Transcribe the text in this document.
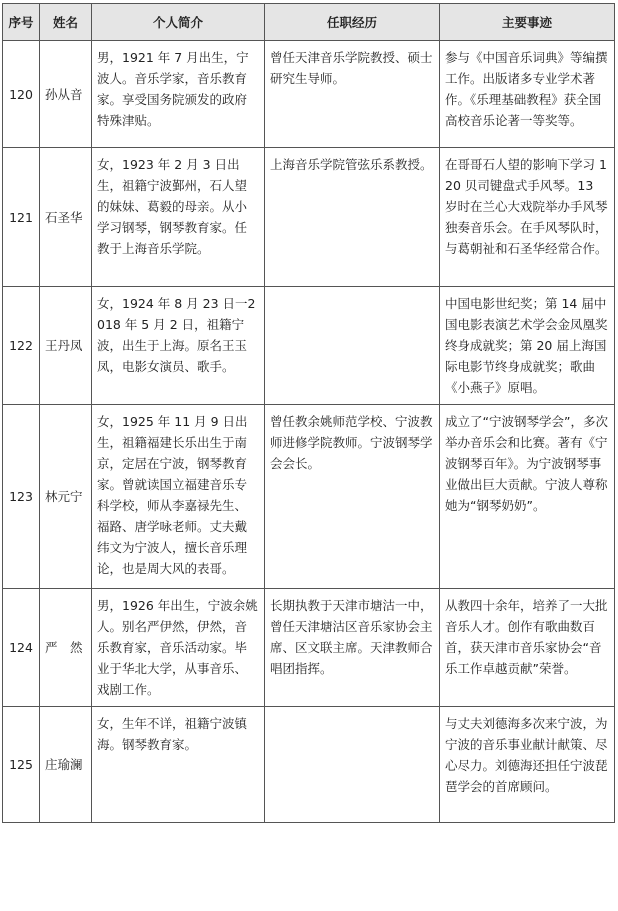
序号	姓名	个人简介	任职经历	主要事迹
120	孙从音	男，1921 年 7 月出生，宁波人。音乐学家，音乐教育家。享受国务院颁发的政府特殊津贴。	曾任天津音乐学院教授、硕士研究生导师。	参与《中国音乐词典》等编撰工作。出版诸多专业学术著作。《乐理基础教程》获全国高校音乐论著一等奖等。
121	石圣华	女，1923 年 2 月 3 日出生，祖籍宁波鄞州，石人望的妹妹、葛毅的母亲。从小学习钢琴，钢琴教育家。任教于上海音乐学院。	上海音乐学院管弦乐系教授。	在哥哥石人望的影响下学习 120 贝司键盘式手风琴。13 岁时在兰心大戏院举办手风琴独奏音乐会。在手风琴队时，与葛朝祉和石圣华经常合作。
122	王丹凤	女，1924 年 8 月 23 日一2018 年 5 月 2 日，祖籍宁波，出生于上海。原名王玉凤，电影女演员、歌手。		中国电影世纪奖；第 14 届中国电影表演艺术学会金凤凰奖终身成就奖；第 20 届上海国际电影节终身成就奖；歌曲《小燕子》原唱。
123	林元宁	女，1925 年 11 月 9 日出生，祖籍福建长乐出生于南京，定居在宁波，钢琴教育家。曾就读国立福建音乐专科学校，师从李嘉禄先生、福路、唐学咏老师。丈夫戴纬文为宁波人，擅长音乐理论，也是周大风的表哥。	曾任教余姚师范学校、宁波教师进修学院教师。宁波钢琴学会会长。	成立了“宁波钢琴学会”，多次举办音乐会和比赛。著有《宁波钢琴百年》。为宁波钢琴事业做出巨大贡献。宁波人尊称她为“钢琴奶奶”。
124	严　然	男，1926 年出生，宁波余姚人。别名严伊然，伊然，音乐教育家，音乐活动家。毕业于华北大学，从事音乐、戏剧工作。	长期执教于天津市塘沽一中，曾任天津塘沽区音乐家协会主席、区文联主席。天津教师合唱团指挥。	从教四十余年，培养了一大批音乐人才。创作有歌曲数百首，获天津市音乐家协会“音乐工作卓越贡献”荣誉。
125	庄瑜澜	女，生年不详，祖籍宁波镇海。钢琴教育家。		与丈夫刘德海多次来宁波，为宁波的音乐事业献计献策、尽心尽力。刘德海还担任宁波琵琶学会的首席顾问。
